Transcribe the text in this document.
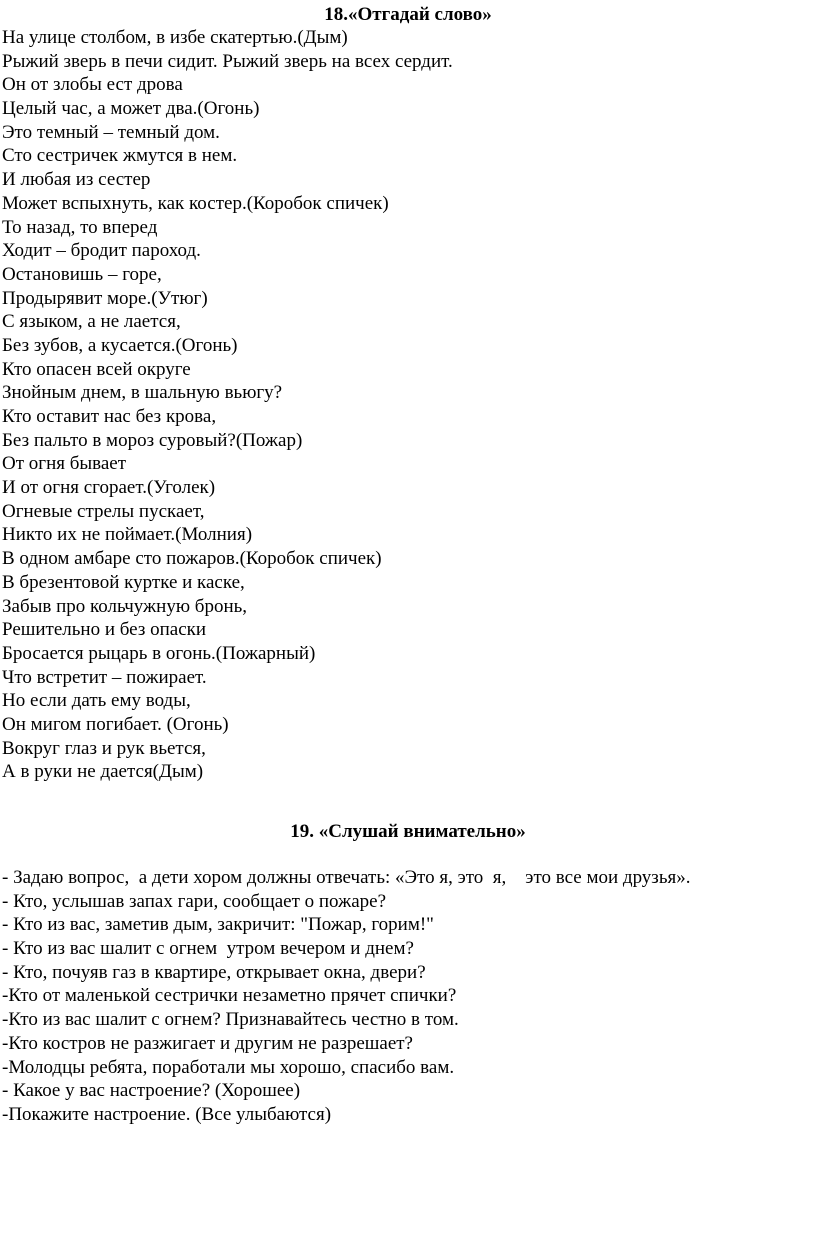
18.«Отгадай слово»
На улице столбом, в избе скатертью.(Дым)
Рыжий зверь в печи сидит. Рыжий зверь на всех сердит.
Он от злобы ест дрова
Целый час, а может два.(Огонь)
Это темный – темный дом.
Сто сестричек жмутся в нем.
И любая из сестер
Может вспыхнуть, как костер.(Коробок спичек)
То назад, то вперед
Ходит – бродит пароход.
Остановишь – горе,
Продырявит море.(Утюг)
С языком, а не лается,
Без зубов, а кусается.(Огонь)
Кто опасен всей округе
Знойным днем, в шальную вьюгу?
Кто оставит нас без крова,
Без пальто в мороз суровый?(Пожар)
От огня бывает
И от огня сгорает.(Уголек)
Огневые стрелы пускает,
Никто их не поймает.(Молния)
В одном амбаре сто пожаров.(Коробок спичек)
В брезентовой куртке и каске,
Забыв про кольчужную бронь,
Решительно и без опаски
Бросается рыцарь в огонь.(Пожарный)
Что встретит – пожирает.
Но если дать ему воды,
Он мигом погибает. (Огонь)
Вокруг глаз и рук вьется,
А в руки не дается(Дым)
19. «Слушай внимательно»
- Задаю вопрос,  а дети хором должны отвечать: «Это я, это  я,    это все мои друзья».
- Кто, услышав запах гари, сообщает о пожаре?
- Кто из вас, заметив дым, закричит: "Пожар, горим!"
- Кто из вас шалит с огнем  утром вечером и днем?
- Кто, почуяв газ в квартире, открывает окна, двери?
-Кто от маленькой сестрички незаметно прячет спички?
-Кто из вас шалит с огнем? Признавайтесь честно в том.
-Кто костров не разжигает и другим не разрешает?
-Молодцы ребята, поработали мы хорошо, спасибо вам.
- Какое у вас настроение? (Хорошее)
-Покажите настроение. (Все улыбаются)
